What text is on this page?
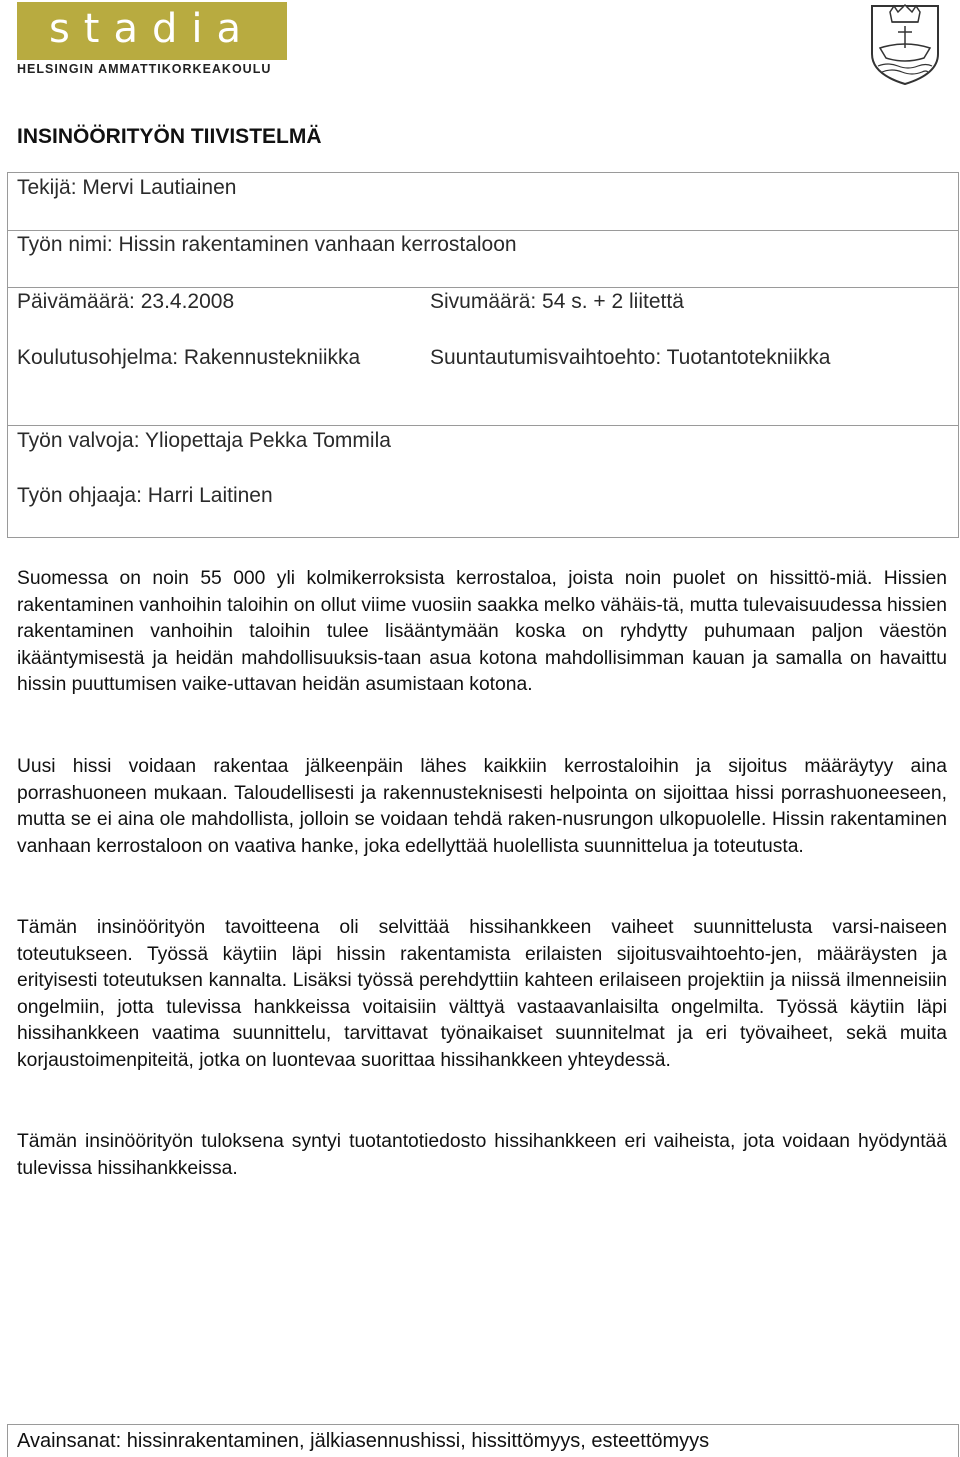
stadia
HELSINGIN AMMATTIKORKEAKOULU
INSINÖÖRITYÖN TIIVISTELMÄ
Tekijä: Mervi Lautiainen
Työn nimi: Hissin rakentaminen vanhaan kerrostaloon
Päivämäärä: 23.4.2008	Sivumäärä: 54 s. + 2 liitettä
Koulutusohjelma: Rakennustekniikka	Suuntautumisvaihtoehto: Tuotantotekniikka
Työn valvoja: Yliopettaja Pekka Tommila
Työn ohjaaja: Harri Laitinen

Suomessa on noin 55 000 yli kolmikerroksista kerrostaloa, joista noin puolet on hissittö-miä. Hissien rakentaminen vanhoihin taloihin on ollut viime vuosiin saakka melko vähäis-tä, mutta tulevaisuudessa hissien rakentaminen vanhoihin taloihin tulee lisääntymään koska on ryhdytty puhumaan paljon väestön ikääntymisestä ja heidän mahdollisuuksis-taan asua kotona mahdollisimman kauan ja samalla on havaittu hissin puuttumisen vaike-uttavan heidän asumistaan kotona.

Uusi hissi voidaan rakentaa jälkeenpäin lähes kaikkiin kerrostaloihin ja sijoitus määräytyy aina porrashuoneen mukaan. Taloudellisesti ja rakennusteknisesti helpointa on sijoittaa hissi porrashuoneeseen, mutta se ei aina ole mahdollista, jolloin se voidaan tehdä raken-nusrungon ulkopuolelle. Hissin rakentaminen vanhaan kerrostaloon on vaativa hanke, joka edellyttää huolellista suunnittelua ja toteutusta.

Tämän insinöörityön tavoitteena oli selvittää hissihankkeen vaiheet suunnittelusta varsi-naiseen toteutukseen. Työssä käytiin läpi hissin rakentamista erilaisten sijoitusvaihtoehto-jen, määräysten ja erityisesti toteutuksen kannalta. Lisäksi työssä perehdyttiin kahteen erilaiseen projektiin ja niissä ilmenneisiin ongelmiin, jotta tulevissa hankkeissa voitaisiin välttyä vastaavanlaisilta ongelmilta. Työssä käytiin läpi hissihankkeen vaatima suunnittelu, tarvittavat työnaikaiset suunnitelmat ja eri työvaiheet, sekä muita korjaustoimenpiteitä, jotka on luontevaa suorittaa hissihankkeen yhteydessä.

Tämän insinöörityön tuloksena syntyi tuotantotiedosto hissihankkeen eri vaiheista, jota voidaan hyödyntää tulevissa hissihankkeissa.

Avainsanat: hissinrakentaminen, jälkiasennushissi, hissittömyys, esteettömyys
